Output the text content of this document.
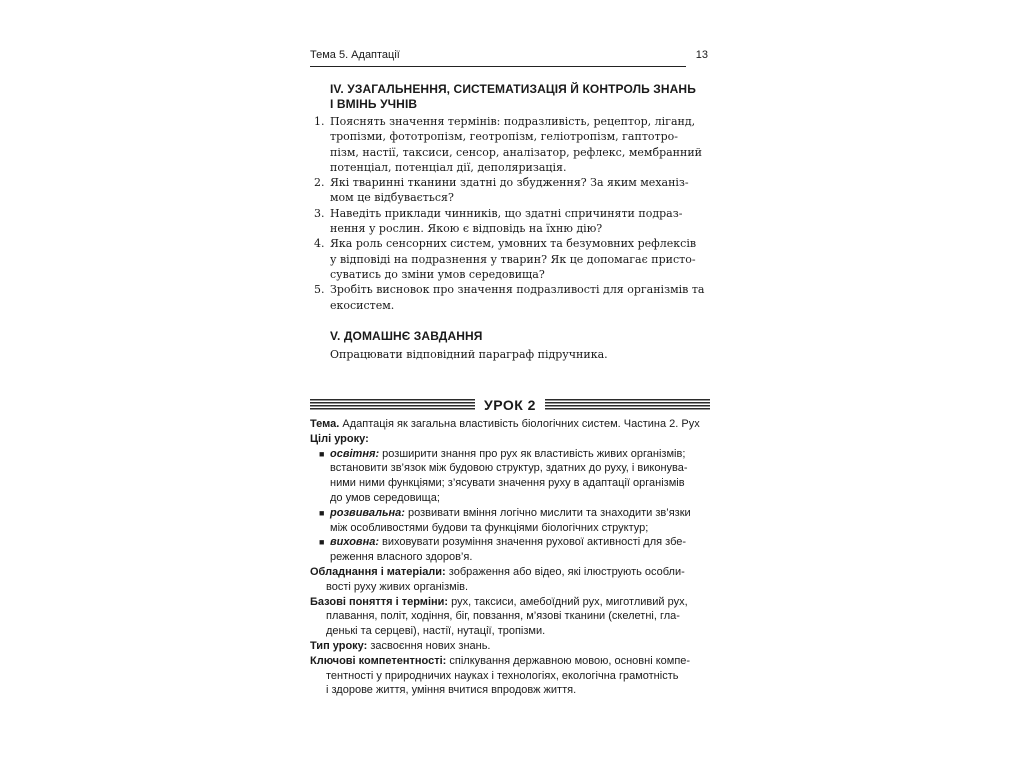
Тема 5. Адаптації	13
IV. УЗАГАЛЬНЕННЯ, СИСТЕМАТИЗАЦІЯ Й КОНТРОЛЬ ЗНАНЬ
І ВМІНЬ УЧНІВ
1. Пояснять значення термінів: подразливість, рецептор, ліганд,
тропізми, фототропізм, геотропізм, геліотропізм, гаптотро-
пізм, настії, таксиси, сенсор, аналізатор, рефлекс, мембранний
потенціал, потенціал дії, деполяризація.
2. Які тваринні тканини здатні до збудження? За яким механіз-
мом це відбувається?
3. Наведіть приклади чинників, що здатні спричиняти подраз-
нення у рослин. Якою є відповідь на їхню дію?
4. Яка роль сенсорних систем, умовних та безумовних рефлексів
у відповіді на подразнення у тварин? Як це допомагає присто-
суватись до зміни умов середовища?
5. Зробіть висновок про значення подразливості для організмів та
екосистем.
V. ДОМАШНЄ ЗАВДАННЯ
Опрацювати відповідний параграф підручника.
УРОК 2

Тема. Адаптація як загальна властивість біологічних систем. Частина 2. Рух

Цілі уроку:

■ освітня: розширити знання про рух як властивість живих організмів;
встановити зв’язок між будовою структур, здатних до руху, і виконува-
ними ними функціями; з’ясувати значення руху в адаптації організмів
до умов середовища;
■ розвивальна: розвивати вміння логічно мислити та знаходити зв’язки
між особливостями будови та функціями біологічних структур;
■ виховна: виховувати розуміння значення рухової активності для збе-
реження власного здоров’я.

Обладнання і матеріали: зображення або відео, які ілюструють особли-
вості руху живих організмів.

Базові поняття і терміни: рух, таксиси, амебоїдний рух, миготливий рух,
плавання, політ, ходіння, біг, повзання, м’язові тканини (скелетні, гла-
денькі та серцеві), настії, нутації, тропізми.

Тип уроку: засвоєння нових знань.

Ключові компетентності: спілкування державною мовою, основні компе-
тентності у природничих науках і технологіях, екологічна грамотність
і здорове життя, уміння вчитися впродовж життя.
